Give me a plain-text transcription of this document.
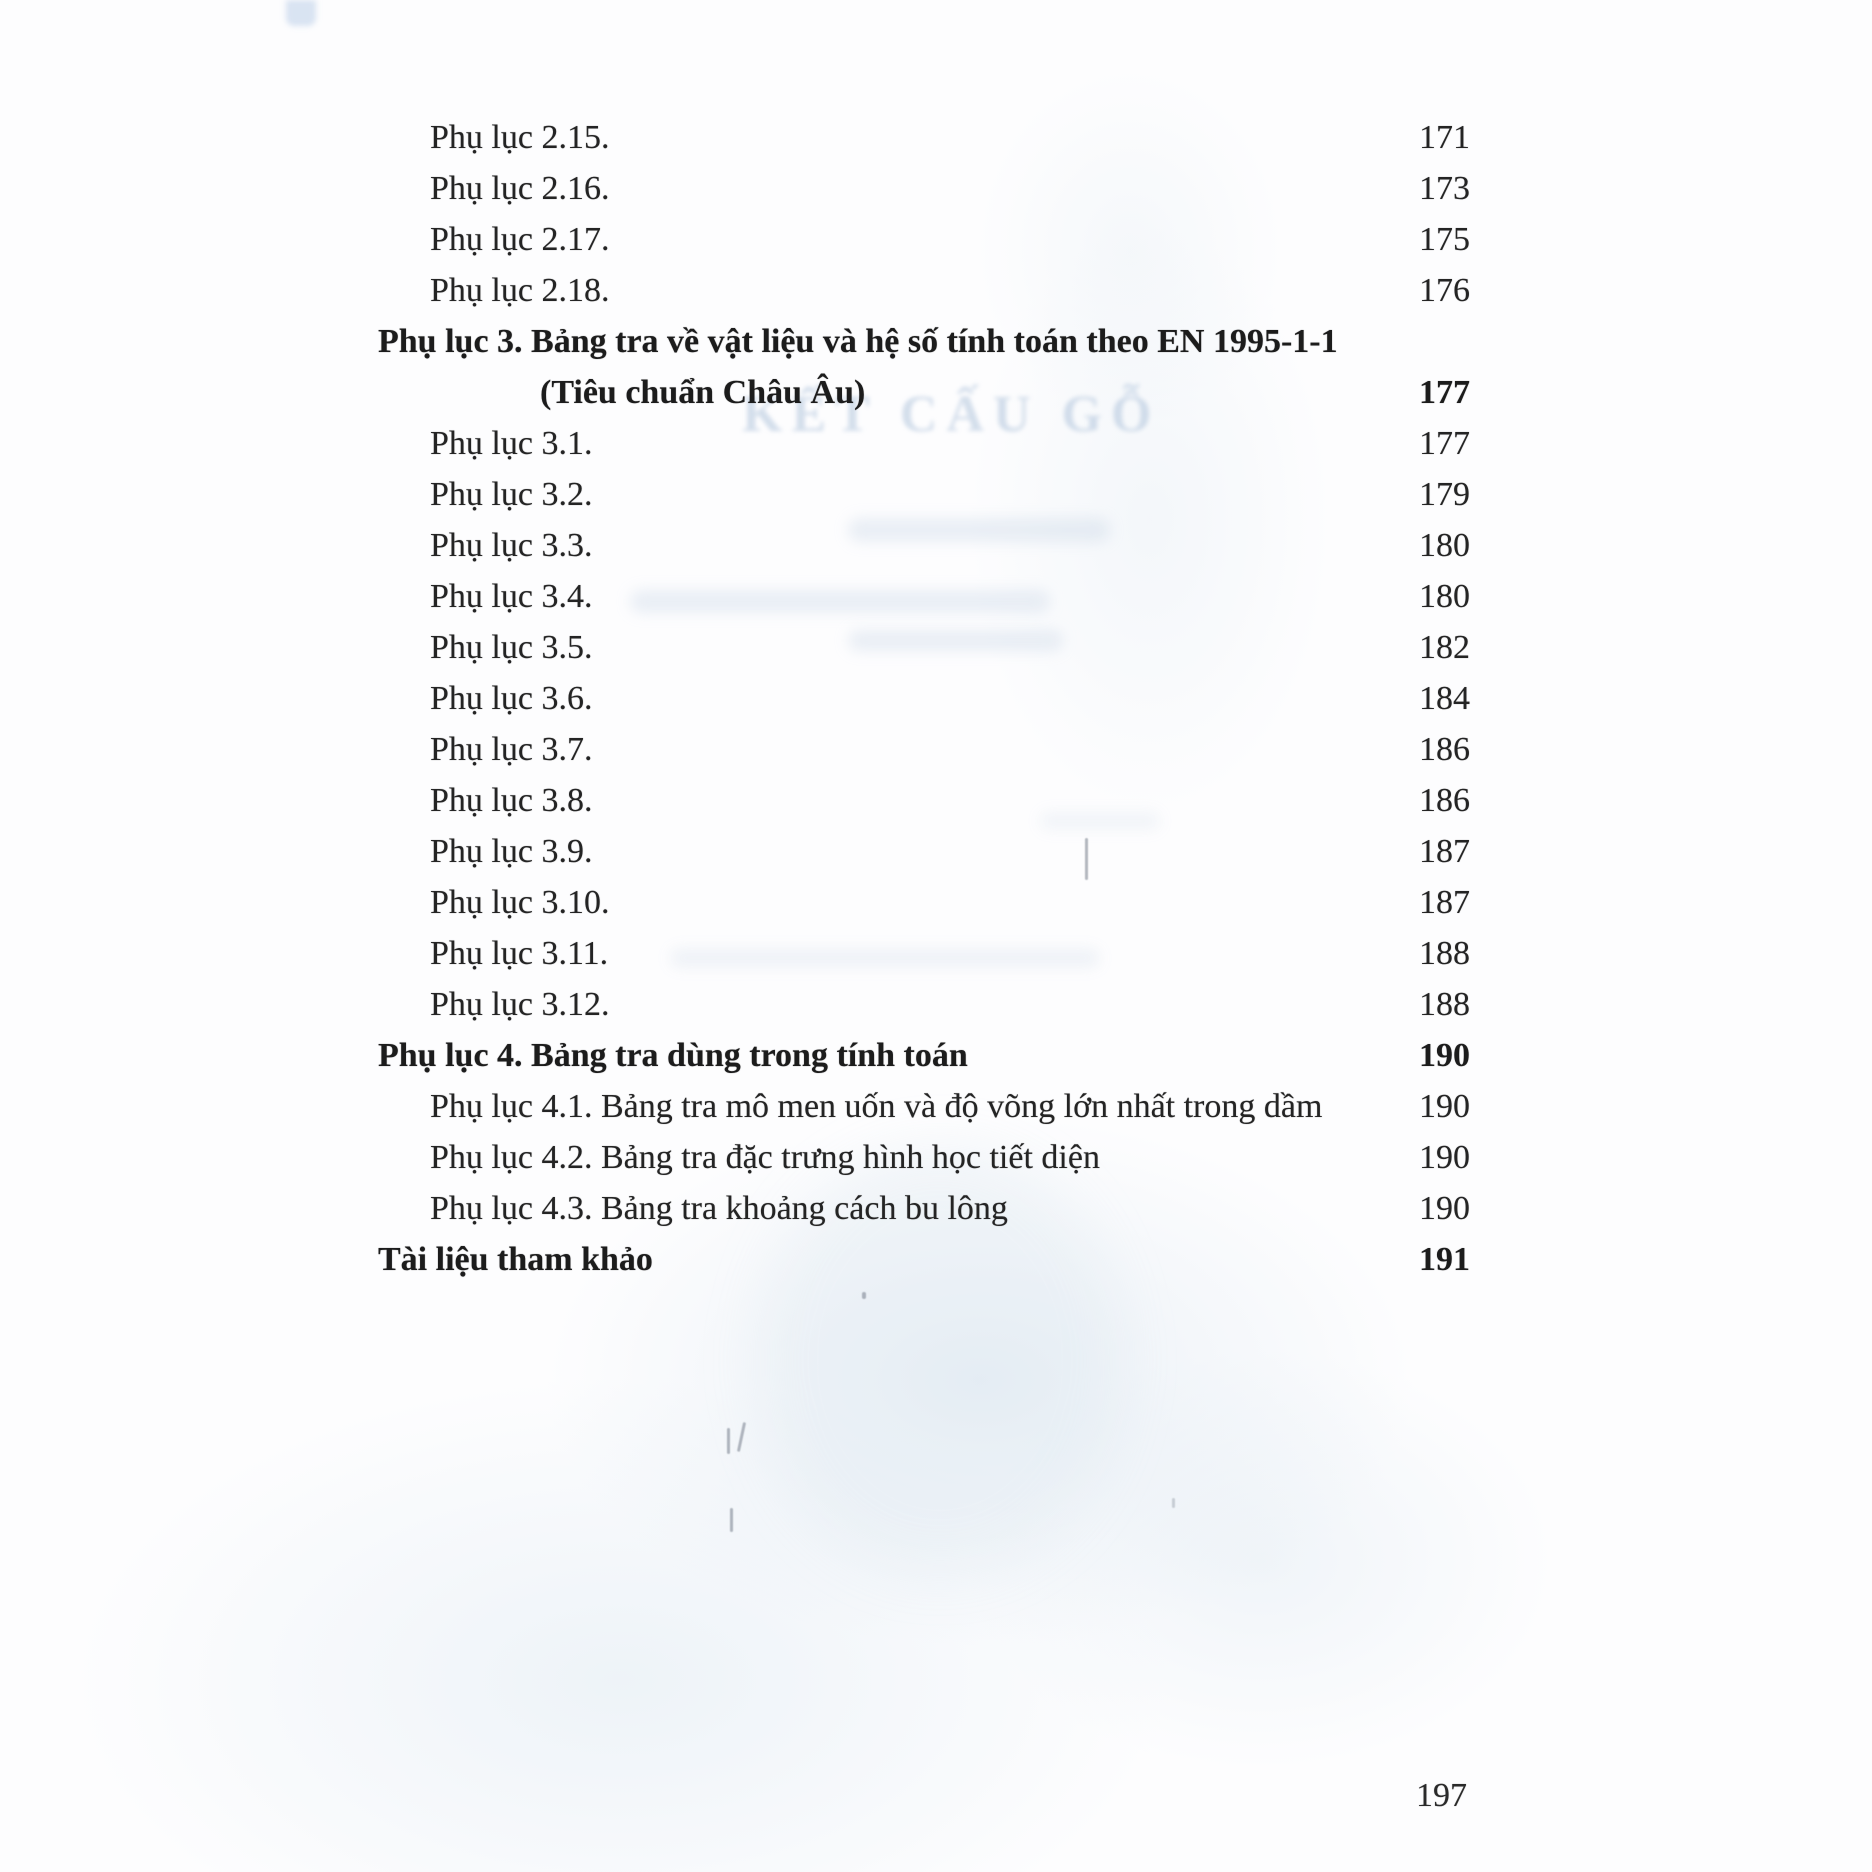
KẾT CẤU GỖ
Phụ lục 2.15.	171
Phụ lục 2.16.	173
Phụ lục 2.17.	175
Phụ lục 2.18.	176
Phụ lục 3. Bảng tra về vật liệu và hệ số tính toán theo EN 1995-1-1
(Tiêu chuẩn Châu Âu)	177
Phụ lục 3.1.	177
Phụ lục 3.2.	179
Phụ lục 3.3.	180
Phụ lục 3.4.	180
Phụ lục 3.5.	182
Phụ lục 3.6.	184
Phụ lục 3.7.	186
Phụ lục 3.8.	186
Phụ lục 3.9.	187
Phụ lục 3.10.	187
Phụ lục 3.11.	188
Phụ lục 3.12.	188
Phụ lục 4. Bảng tra dùng trong tính toán	190
Phụ lục 4.1. Bảng tra mô men uốn và độ võng lớn nhất trong dầm	190
Phụ lục 4.2. Bảng tra đặc trưng hình học tiết diện	190
Phụ lục 4.3. Bảng tra khoảng cách bu lông	190
Tài liệu tham khảo	191
197
